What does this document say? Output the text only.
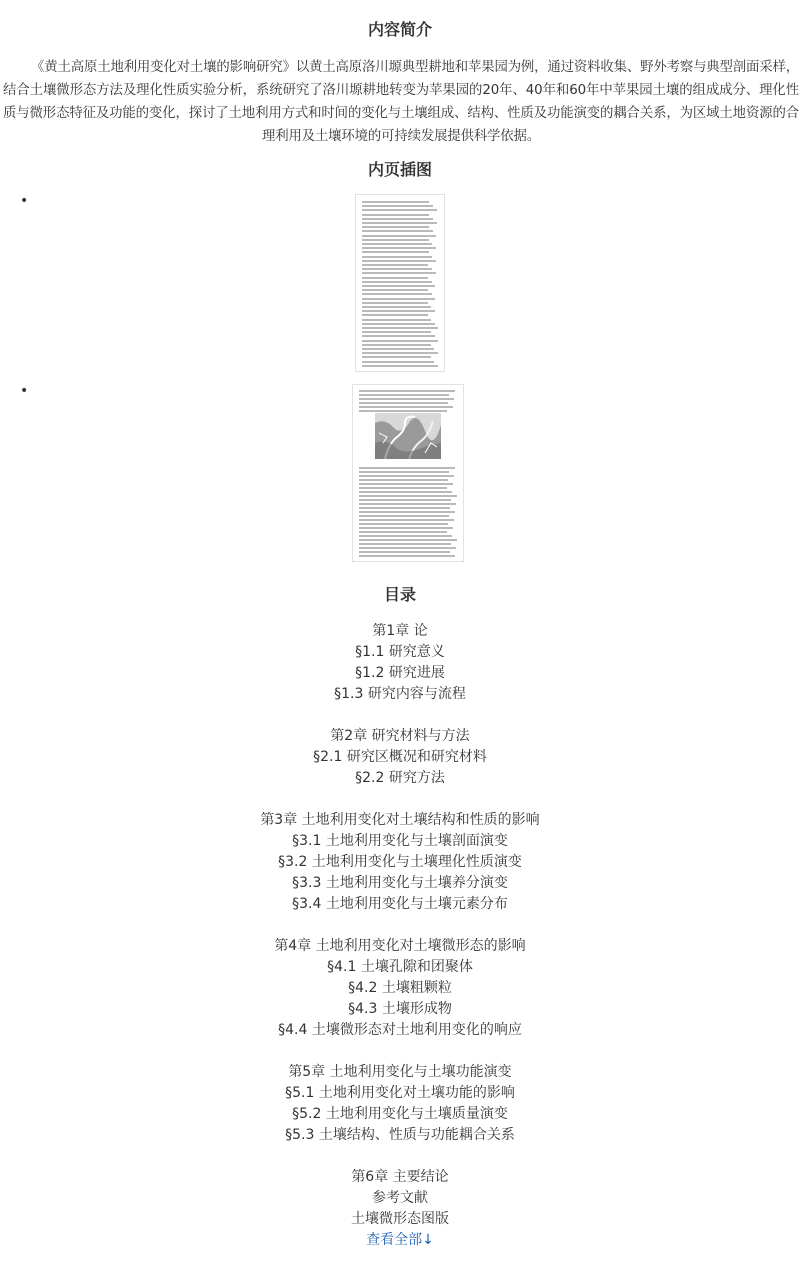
内容简介
《黄土高原土地利用变化对土壤的影响研究》以黄土高原洛川塬典型耕地和苹果园为例，通过资料收集、野外考察与典型剖面采样，结合土壤微形态方法及理化性质实验分析，系统研究了洛川塬耕地转变为苹果园的20年、40年和60年中苹果园土壤的组成成分、理化性质与微形态特征及功能的变化，探讨了土地利用方式和时间的变化与土壤组成、结构、性质及功能演变的耦合关系，为区域土地资源的合理利用及土壤环境的可持续发展提供科学依据。
内页插图
•
•
目录
第1章 论
§1.1 研究意义
§1.2 研究进展
§1.3 研究内容与流程
第2章 研究材料与方法
§2.1 研究区概况和研究材料
§2.2 研究方法
第3章 土地利用变化对土壤结构和性质的影响
§3.1 土地利用变化与土壤剖面演变
§3.2 土地利用变化与土壤理化性质演变
§3.3 土地利用变化与土壤养分演变
§3.4 土地利用变化与土壤元素分布
第4章 土地利用变化对土壤微形态的影响
§4.1 土壤孔隙和团聚体
§4.2 土壤粗颗粒
§4.3 土壤形成物
§4.4 土壤微形态对土地利用变化的响应
第5章 土地利用变化与土壤功能演变
§5.1 土地利用变化对土壤功能的影响
§5.2 土地利用变化与土壤质量演变
§5.3 土壤结构、性质与功能耦合关系
第6章 主要结论
参考文献
土壤微形态图版
查看全部↓
